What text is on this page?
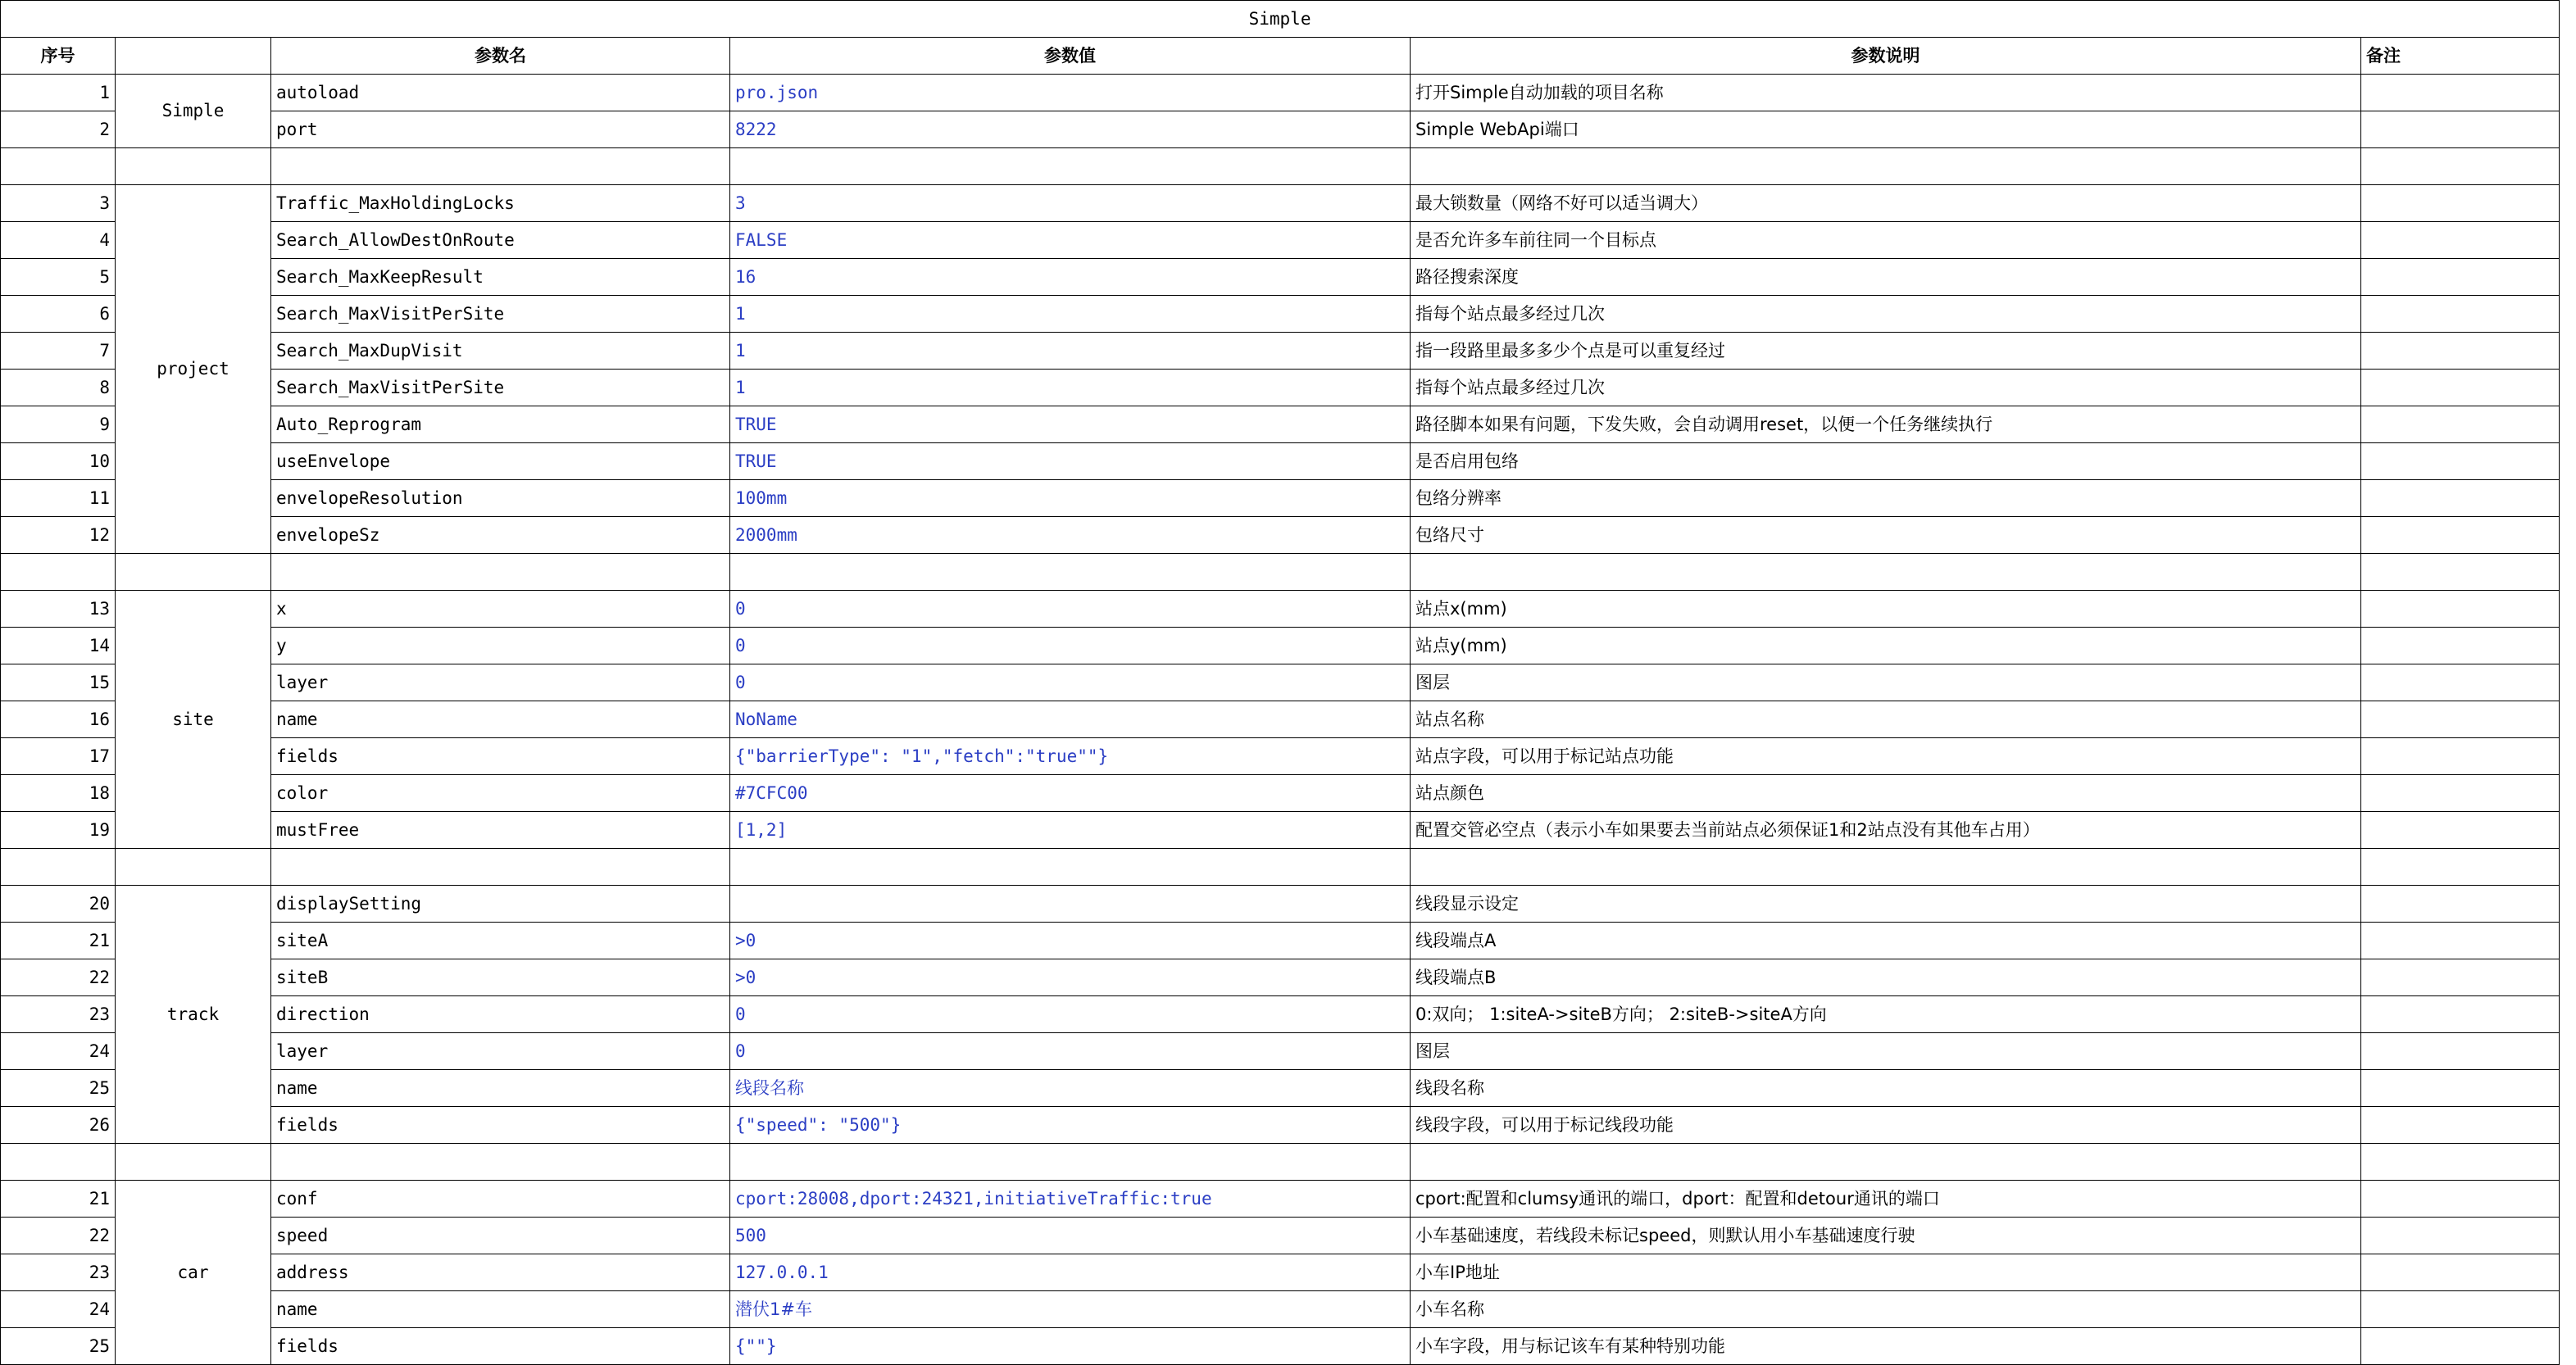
Simple					
序号		参数名	参数值	参数说明	备注
1	Simple	autoload	pro.json	打开Simple自动加载的项目名称	
2		port	8222	Simple WebApi端口	

3	project	Traffic_MaxHoldingLocks	3	最大锁数量（网络不好可以适当调大）	
4		Search_AllowDestOnRoute	FALSE	是否允许多车前往同一个目标点	
5		Search_MaxKeepResult	16	路径搜索深度	
6		Search_MaxVisitPerSite	1	指每个站点最多经过几次	
7		Search_MaxDupVisit	1	指一段路里最多多少个点是可以重复经过	
8		Search_MaxVisitPerSite	1	指每个站点最多经过几次	
9		Auto_Reprogram	TRUE	路径脚本如果有问题，下发失败，会自动调用reset，以便一个任务继续执行	
10		useEnvelope	TRUE	是否启用包络	
11		envelopeResolution	100mm	包络分辨率	
12		envelopeSz	2000mm	包络尺寸	

13	site	x	0	站点x(mm)	
14		y	0	站点y(mm)	
15		layer	0	图层	
16		name	NoName	站点名称	
17		fields	{"barrierType": "1","fetch":"true""}	站点字段，可以用于标记站点功能	
18		color	#7CFC00	站点颜色	
19		mustFree	[1,2]	配置交管必空点（表示小车如果要去当前站点必须保证1和2站点没有其他车占用）	

20	track	displaySetting		线段显示设定	
21		siteA	>0	线段端点A	
22		siteB	>0	线段端点B	
23		direction	0	0:双向； 1:siteA->siteB方向； 2:siteB->siteA方向	
24		layer	0	图层	
25		name	线段名称	线段名称	
26		fields	{"speed": "500"}	线段字段，可以用于标记线段功能	

21	car	conf	cport:28008,dport:24321,initiativeTraffic:true	cport:配置和clumsy通讯的端口，dport：配置和detour通讯的端口	
22		speed	500	小车基础速度，若线段未标记speed，则默认用小车基础速度行驶	
23		address	127.0.0.1	小车IP地址	
24		name	潜伏1#车	小车名称	
25		fields	{""}	小车字段，用与标记该车有某种特别功能	
